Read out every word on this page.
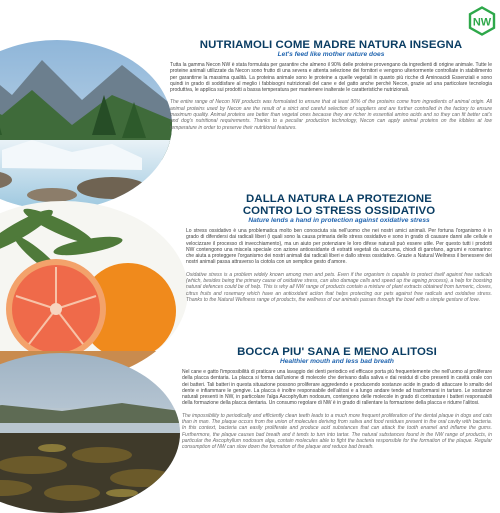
NW
NUTRIAMOLI COME MADRE NATURA INSEGNA
Let's feed like mother nature does
Tutta la gamma Necon NW è stata formulata per garantire che almeno il 90% delle proteine provengano da ingredienti di origine animale. Tutte le proteine animali utilizzate da Necon sono frutto di una severa e attenta selezione dei fornitori e vengono ulteriormente controllate in stabilimento per garantirne la massima qualità. La proteina animale sono le proteine a quelle vegetali in quanto più ricche di Aminoacidi Essenziali e sono quindi in grado di soddisfare al meglio i fabbisogni nutrizionali del cane e del gatto anche perché Necon, grazie ad una particolare tecnologia produttiva, le applica sui prodotti a bassa temperatura per mantenere inalterate le caratteristiche nutrizionali.
The entire range of Necon NW products was formulated to ensure that at least 90% of the proteins come from ingredients of animal origin. All animal proteins used by Necon are the result of a strict and careful selection of suppliers and are further controlled in the factory to ensure maximum quality. Animal proteins are better than vegetal ones because they are richer in essential amino acids and so they can fit better cat's and dog's nutritional requirements. Thanks to a peculiar production technology, Necon can apply animal proteins on the kibbles at low temperature in order to preserve their nutritional features.
DALLA NATURA LA PROTEZIONE
CONTRO LO STRESS OSSIDATIVO
Nature lends a hand in protection against oxidative stress
Lo stress ossidativo è una problematica molto ben conosciuta sia nell'uomo che nei nostri amici animali. Per fortuna l'organismo è in grado di difendersi dai radicali liberi (i quali sono la causa primaria dello stress ossidativo e sono in grado di causare danni alle cellule e velocizzare il processo di invecchiamento), ma un aiuto per potenziare le loro difese naturali può essere utile. Per questo tutti i prodotti NW contengono una miscela speciale con azione antiossidante di estratti vegetali da curcuma, chiodi di garofano, agrumi e rosmarino: che aiuta a proteggere l'organismo dei nostri animali dai radicali liberi e dallo stress ossidativo. Grazie a Natural Wellness il benessere dei nostri animali passa attraverso la ciotola con un semplice gesto d'amore.
Oxidative stress is a problem widely known among men and pets. Even if the organism is capable to protect itself against free radicals (which, besides being the primary cause of oxidative stress, can also damage cells and speed up the ageing process), a help for boosting natural defences could be of help. This is why all NW range of products contain a mixture of plant extracts obtained from turmeric, cloves, citrus fruits and rosemary which have an antioxidant action that helps protecting our pets against free radicals and oxidative stress. Thanks to the Natural Wellness range of products, the wellness of our animals passes through the bowl with a simple gesture of love.
BOCCA PIU' SANA E MENO ALITOSI
Healthier mouth and less bad breath
Nel cane e gatto l'impossibilità di praticare una lavaggio dei denti periodico ed efficace porta più frequentemente che nell'uomo al proliferare della placca dentaria. La placca si forma dall'unione di molecole che derivano dalla saliva e dai residui di cibo presenti in cavità orale con dei batteri. Tali batteri in questa situazione possono proliferare aggredendo e producendo sostanze acide in grado di attaccare lo smalto del dente e infiammare le gengive. La placca è inoltre responsabile dell'alitosi e a lungo andare tende ad trasformarsi in tartaro. Le sostanze naturali presenti in NW, in particolare l'alga Ascophyllum nodosum, contengono delle molecole in grado di contrastare i batteri responsabili della formazione della placca dentaria. Un consumo regolare di NW è in grado di rallentare la formazione della placca e ridurre l'alitosi.
The impossibility to periodically and efficiently clean teeth leads to a much more frequent proliferation of the dental plaque in dogs and cats than in man. The plaque occurs from the union of molecules deriving from saliva and food residues present in the oral cavity with bacteria. In this context, bacteria can easily proliferate and produce acid substances that can attack the tooth enamel and inflame the gums. Furthermore, the plaque causes bad breath and it tends to turn into tartar. The natural substances found in the NW range of products, in particular the Ascophyllum nodosum alga, contain molecules able to fight the bacteria responsible for the formation of the plaque. Regular consumption of NW can slow down the formation of the plaque and reduce bad breath.
